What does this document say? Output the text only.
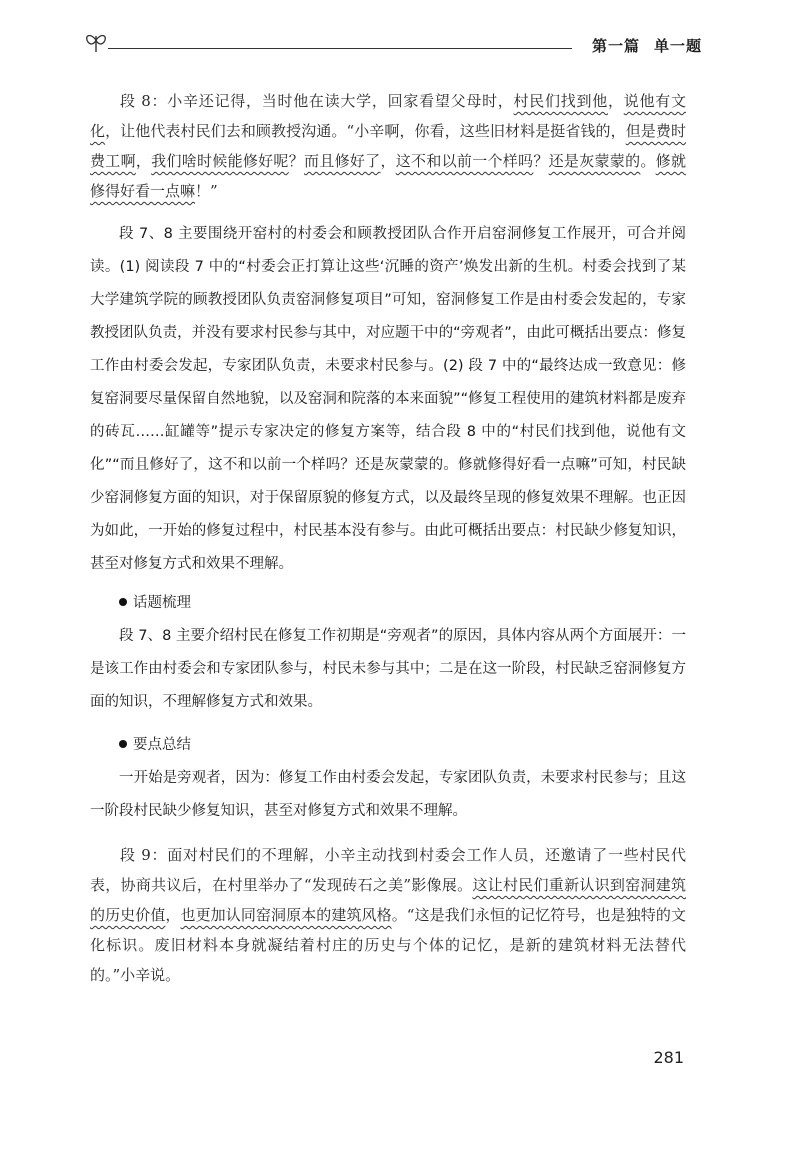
第一篇 单一题

段 8：小辛还记得，当时他在读大学，回家看望父母时，村民们找到他，说他有文化，让他代表村民们去和顾教授沟通。“小辛啊，你看，这些旧材料是挺省钱的，但是费时费工啊，我们啥时候能修好呢？而且修好了，这不和以前一个样吗？还是灰蒙蒙的。修就修得好看一点嘛！”

段 7、8 主要围绕开窑村的村委会和顾教授团队合作开启窑洞修复工作展开，可合并阅读。(1) 阅读段 7 中的“村委会正打算让这些‘沉睡的资产’焕发出新的生机。村委会找到了某大学建筑学院的顾教授团队负责窑洞修复项目”可知，窑洞修复工作是由村委会发起的，专家教授团队负责，并没有要求村民参与其中，对应题干中的“旁观者”，由此可概括出要点：修复工作由村委会发起，专家团队负责，未要求村民参与。(2) 段 7 中的“最终达成一致意见：修复窑洞要尽量保留自然地貌，以及窑洞和院落的本来面貌”“修复工程使用的建筑材料都是废弃的砖瓦……缸罐等”提示专家决定的修复方案等，结合段 8 中的“村民们找到他，说他有文化”“而且修好了，这不和以前一个样吗？还是灰蒙蒙的。修就修得好看一点嘛”可知，村民缺少窑洞修复方面的知识，对于保留原貌的修复方式，以及最终呈现的修复效果不理解。也正因为如此，一开始的修复过程中，村民基本没有参与。由此可概括出要点：村民缺少修复知识，甚至对修复方式和效果不理解。

话题梳理

段 7、8 主要介绍村民在修复工作初期是“旁观者”的原因，具体内容从两个方面展开：一是该工作由村委会和专家团队参与，村民未参与其中；二是在这一阶段，村民缺乏窑洞修复方面的知识，不理解修复方式和效果。

要点总结

一开始是旁观者，因为：修复工作由村委会发起，专家团队负责，未要求村民参与；且这一阶段村民缺少修复知识，甚至对修复方式和效果不理解。

段 9：面对村民们的不理解，小辛主动找到村委会工作人员，还邀请了一些村民代表，协商共议后，在村里举办了“发现砖石之美”影像展。这让村民们重新认识到窑洞建筑的历史价值，也更加认同窑洞原本的建筑风格。“这是我们永恒的记忆符号，也是独特的文化标识。废旧材料本身就凝结着村庄的历史与个体的记忆，是新的建筑材料无法替代的。”小辛说。

281
